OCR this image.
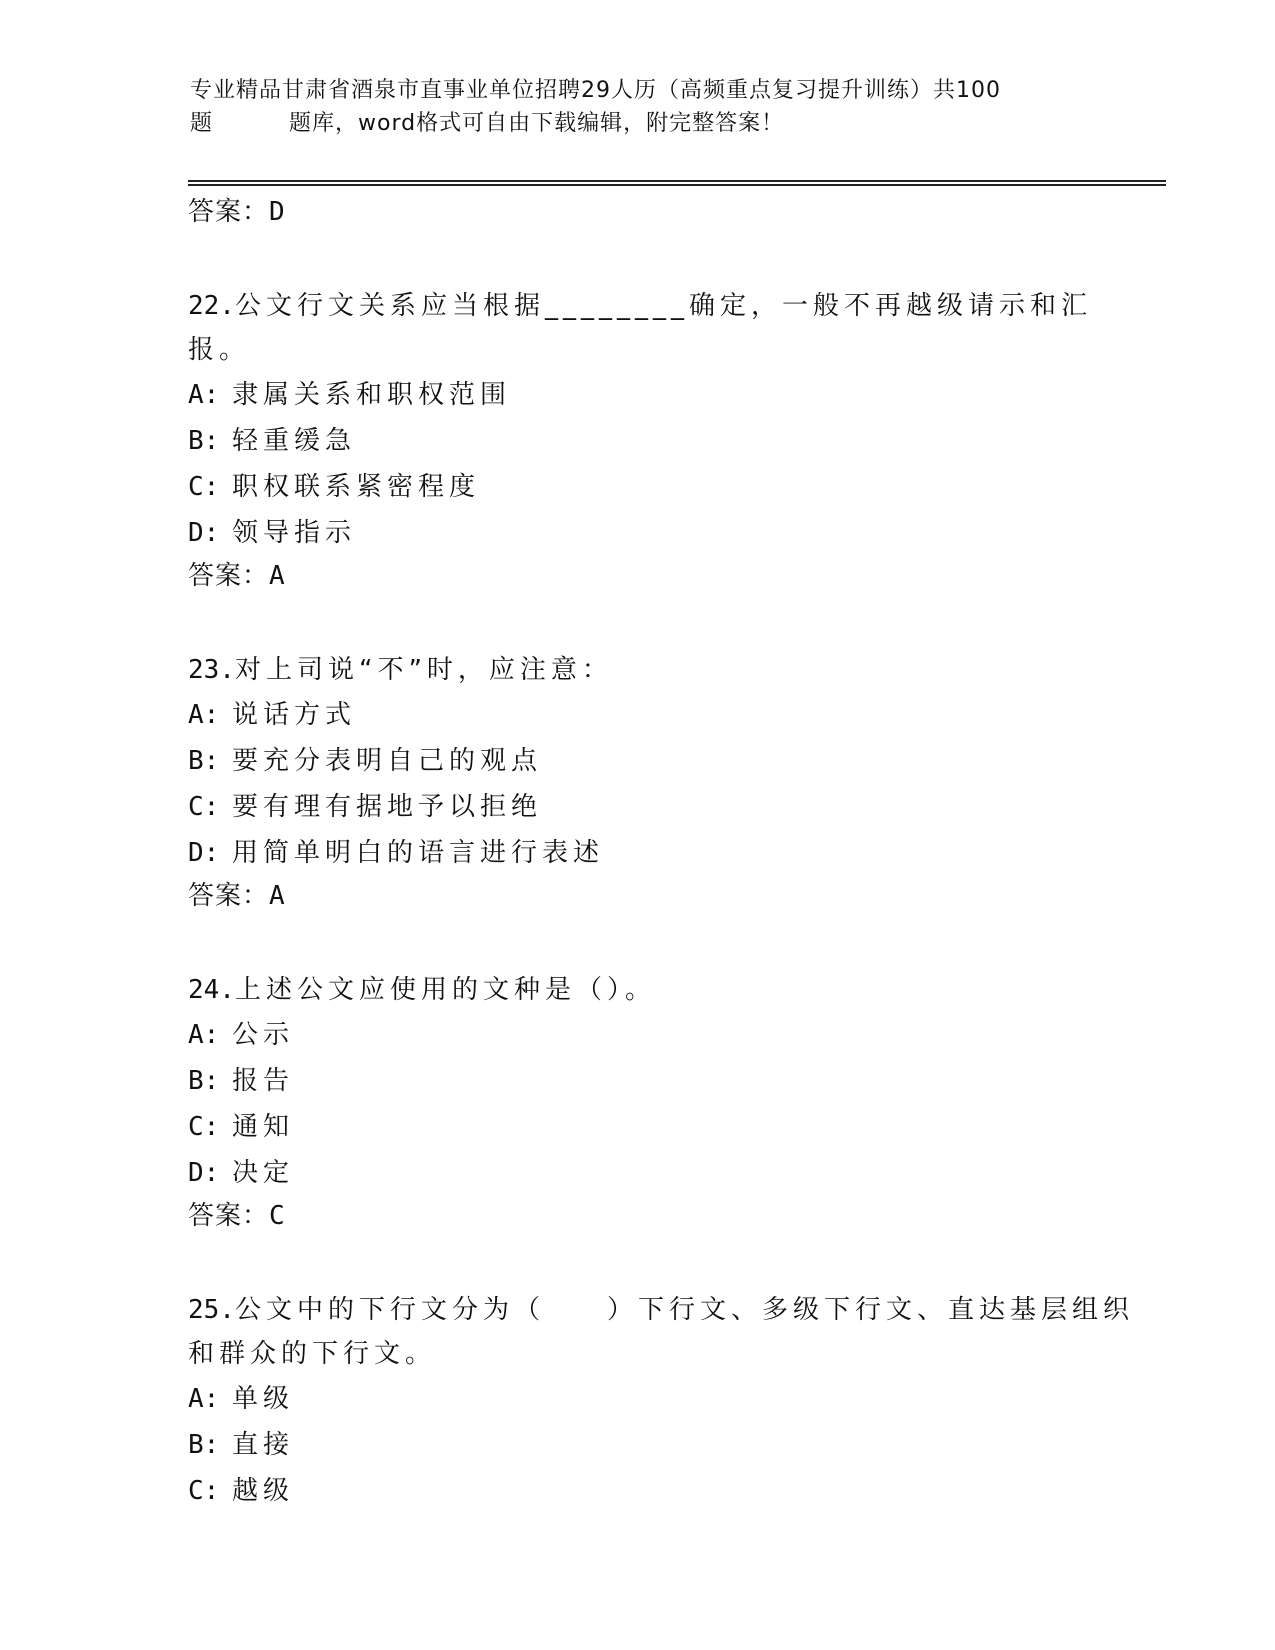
专业精品甘肃省酒泉市直事业单位招聘29人历（高频重点复习提升训练）共100
题	题库，word格式可自由下载编辑，附完整答案！
答案：D
22.公文行文关系应当根据________确定，一般不再越级请示和汇报。
A: 隶属关系和职权范围
B: 轻重缓急
C: 职权联系紧密程度
D: 领导指示
答案：A
23.对上司说“不”时，应注意：
A: 说话方式
B: 要充分表明自己的观点
C: 要有理有据地予以拒绝
D: 用简单明白的语言进行表述
答案：A
24.上述公文应使用的文种是（）。
A: 公示
B: 报告
C: 通知
D: 决定
答案：C
25.公文中的下行文分为（　　）下行文、多级下行文、直达基层组织和群众的下行文。
A: 单级
B: 直接
C: 越级
